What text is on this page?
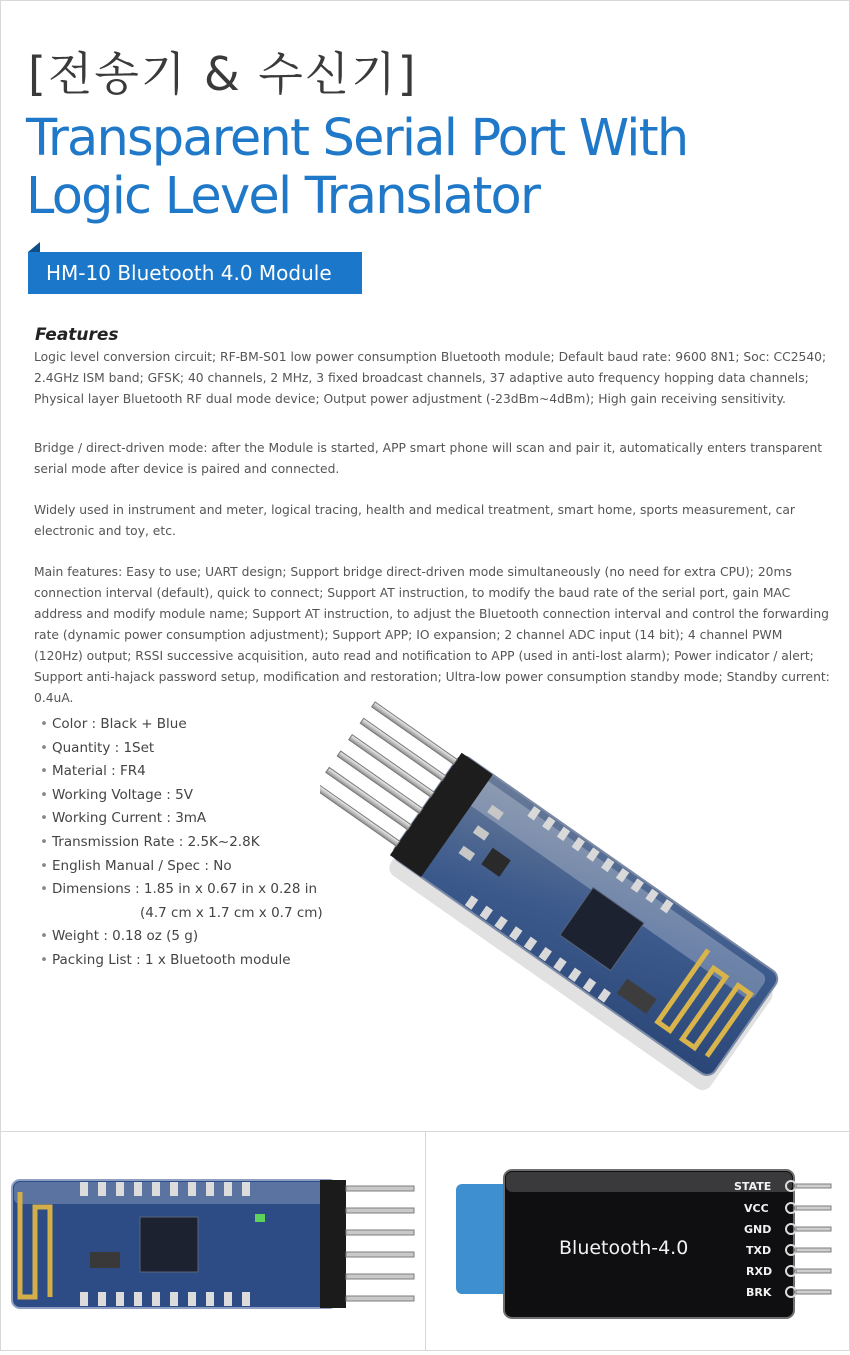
[전송기 & 수신기]
Transparent Serial Port With
Logic Level Translator
HM-10 Bluetooth 4.0 Module
Features
Logic level conversion circuit; RF-BM-S01 low power consumption Bluetooth module; Default baud rate: 9600 8N1; Soc: CC2540; 2.4GHz ISM band; GFSK; 40 channels, 2 MHz, 3 fixed broadcast channels, 37 adaptive auto frequency hopping data channels; Physical layer Bluetooth RF dual mode device; Output power adjustment (-23dBm~4dBm); High gain receiving sensitivity.
Bridge / direct-driven mode: after the Module is started, APP smart phone will scan and pair it, automatically enters transparent serial mode after device is paired and connected.
Widely used in instrument and meter, logical tracing, health and medical treatment, smart home, sports measurement, car electronic and toy, etc.
Main features: Easy to use; UART design; Support bridge direct-driven mode simultaneously (no need for extra CPU); 20ms connection interval (default), quick to connect; Support AT instruction, to modify the baud rate of the serial port, gain MAC address and modify module name; Support AT instruction, to adjust the Bluetooth connection interval and control the forwarding rate (dynamic power consumption adjustment); Support APP; IO expansion; 2 channel ADC input (14 bit); 4 channel PWM (120Hz) output; RSSI successive acquisition, auto read and notification to APP (used in anti-lost alarm); Power indicator / alert; Support anti-hajack password setup, modification and restoration; Ultra-low power consumption standby mode; Standby current: 0.4uA.
• Color : Black + Blue
• Quantity : 1Set
• Material : FR4
• Working Voltage : 5V
• Working Current : 3mA
• Transmission Rate : 2.5K~2.8K
• English Manual / Spec : No
• Dimensions : 1.85 in x 0.67 in x 0.28 in
(4.7 cm x 1.7 cm x 0.7 cm)
• Weight : 0.18 oz (5 g)
• Packing List : 1 x Bluetooth module
Bluetooth-4.0
STATE
VCC
GND
TXD
RXD
BRK
